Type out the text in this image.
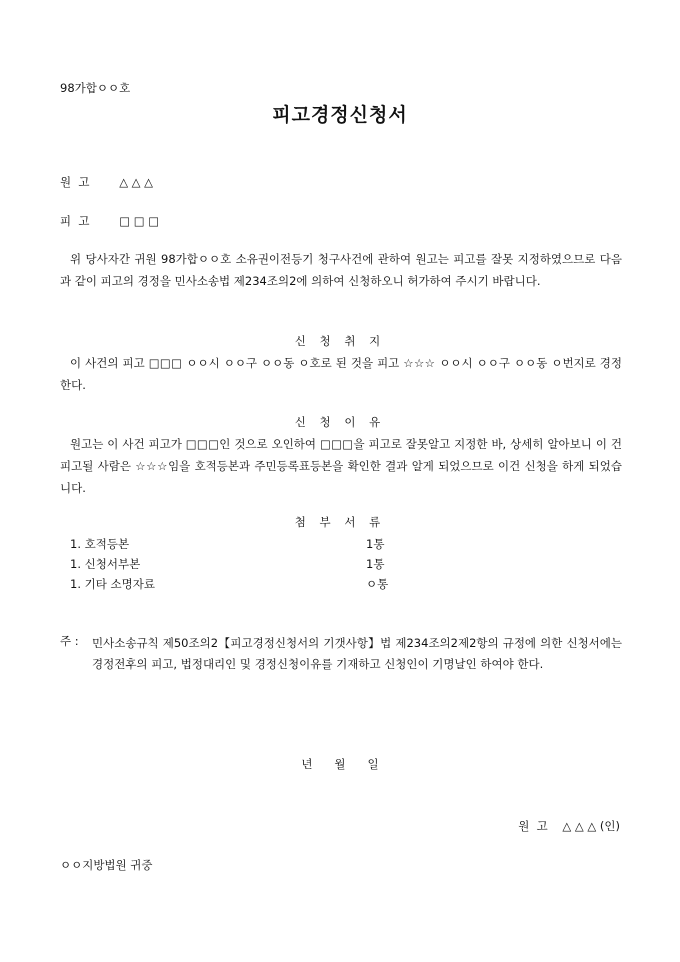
98가합ㅇㅇ호
피고경정신청서
원  고	△ △ △
피  고	□ □ □
위 당사자간 귀원 98가합ㅇㅇ호 소유권이전등기 청구사건에 관하여 원고는 피고를 잘못 지정하였으므로 다음과 같이 피고의 경정을 민사소송법 제234조의2에 의하여 신청하오니 허가하여 주시기 바랍니다.
신 청 취 지
이 사건의 피고 □□□ ㅇㅇ시 ㅇㅇ구 ㅇㅇ동 ㅇ호로 된 것을 피고 ☆☆☆ ㅇㅇ시 ㅇㅇ구 ㅇㅇ동 ㅇ번지로 경정한다.
신 청 이 유
원고는 이 사건 피고가 □□□인 것으로 오인하여 □□□을 피고로 잘못알고 지정한 바, 상세히 알아보니 이 건 피고될 사람은 ☆☆☆임을 호적등본과 주민등록표등본을 확인한 결과 알게 되었으므로 이건 신청을 하게 되었습니다.
첨 부 서 류
1. 호적등본	1통
1. 신청서부본	1통
1. 기타 소명자료	ㅇ통
주 : 민사소송규칙 제50조의2【피고경정신청서의 기갯사항】법 제234조의2제2항의 규정에 의한 신청서에는 경정전후의 피고, 법정대리인 및 경정신청이유를 기재하고 신청인이 기명날인 하여야 한다.
년      월      일
원  고    △ △ △ (인)
ㅇㅇ지방법원 귀중
